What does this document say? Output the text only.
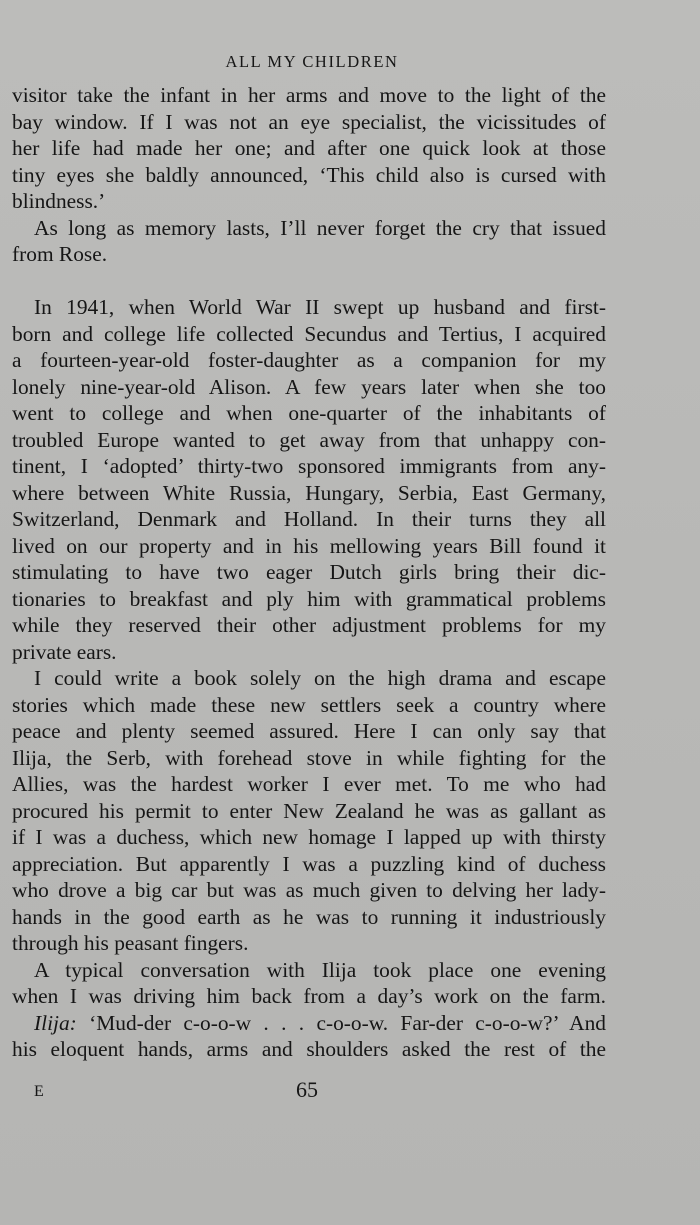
ALL MY CHILDREN
visitor take the infant in her arms and move to the light of the
bay window. If I was not an eye specialist, the vicissitudes of
her life had made her one; and after one quick look at those
tiny eyes she baldly announced, ‘This child also is cursed with
blindness.’
As long as memory lasts, I’ll never forget the cry that issued
from Rose.
In 1941, when World War II swept up husband and first-
born and college life collected Secundus and Tertius, I acquired
a fourteen-year-old foster-daughter as a companion for my
lonely nine-year-old Alison. A few years later when she too
went to college and when one-quarter of the inhabitants of
troubled Europe wanted to get away from that unhappy con-
tinent, I ‘adopted’ thirty-two sponsored immigrants from any-
where between White Russia, Hungary, Serbia, East Germany,
Switzerland, Denmark and Holland. In their turns they all
lived on our property and in his mellowing years Bill found it
stimulating to have two eager Dutch girls bring their dic-
tionaries to breakfast and ply him with grammatical problems
while they reserved their other adjustment problems for my
private ears.
I could write a book solely on the high drama and escape
stories which made these new settlers seek a country where
peace and plenty seemed assured. Here I can only say that
Ilija, the Serb, with forehead stove in while fighting for the
Allies, was the hardest worker I ever met. To me who had
procured his permit to enter New Zealand he was as gallant as
if I was a duchess, which new homage I lapped up with thirsty
appreciation. But apparently I was a puzzling kind of duchess
who drove a big car but was as much given to delving her lady-
hands in the good earth as he was to running it industriously
through his peasant fingers.
A typical conversation with Ilija took place one evening
when I was driving him back from a day’s work on the farm.
Ilija: ‘Mud-der c-o-o-w . . . c-o-o-w. Far-der c-o-o-w?’ And
his eloquent hands, arms and shoulders asked the rest of the
E	65
